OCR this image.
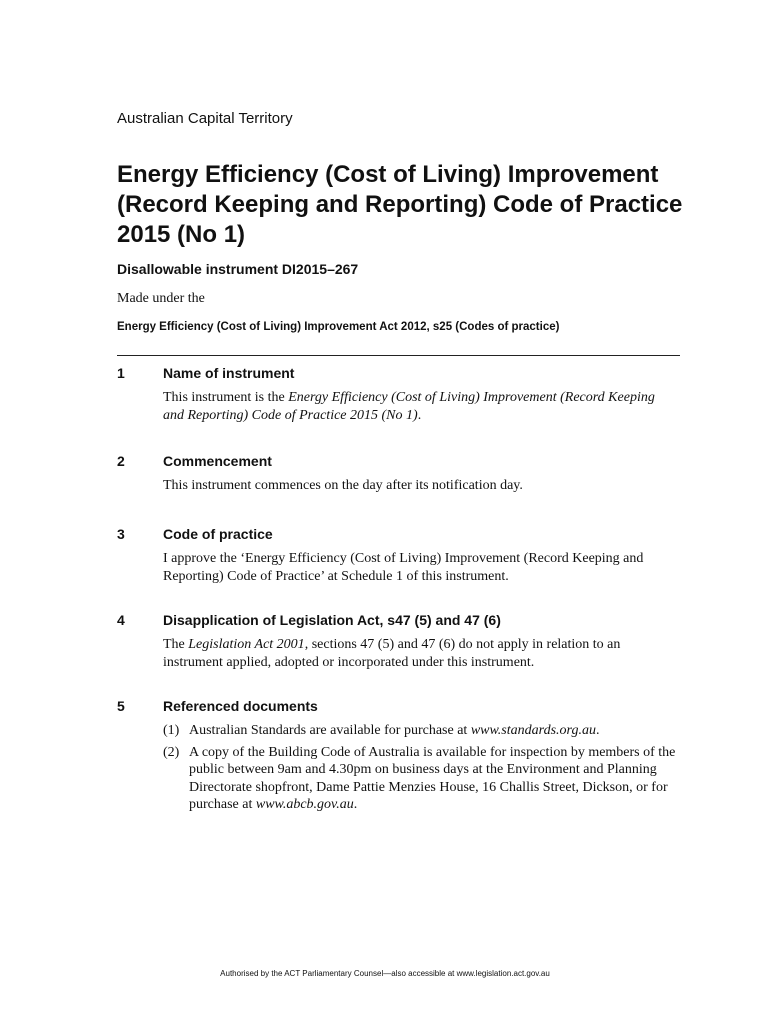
Australian Capital Territory
Energy Efficiency (Cost of Living) Improvement (Record Keeping and Reporting) Code of Practice 2015 (No 1)
Disallowable instrument DI2015–267
Made under the
Energy Efficiency (Cost of Living) Improvement Act 2012, s25 (Codes of practice)
1	Name of instrument
This instrument is the Energy Efficiency (Cost of Living) Improvement (Record Keeping and Reporting) Code of Practice 2015 (No 1).
2	Commencement
This instrument commences on the day after its notification day.
3	Code of practice
I approve the ‘Energy Efficiency (Cost of Living) Improvement (Record Keeping and Reporting) Code of Practice’ at Schedule 1 of this instrument.
4	Disapplication of Legislation Act, s47 (5) and 47 (6)
The Legislation Act 2001, sections 47 (5) and 47 (6) do not apply in relation to an instrument applied, adopted or incorporated under this instrument.
5	Referenced documents
(1) Australian Standards are available for purchase at www.standards.org.au.
(2) A copy of the Building Code of Australia is available for inspection by members of the public between 9am and 4.30pm on business days at the Environment and Planning Directorate shopfront, Dame Pattie Menzies House, 16 Challis Street, Dickson, or for purchase at www.abcb.gov.au.
Authorised by the ACT Parliamentary Counsel—also accessible at www.legislation.act.gov.au
